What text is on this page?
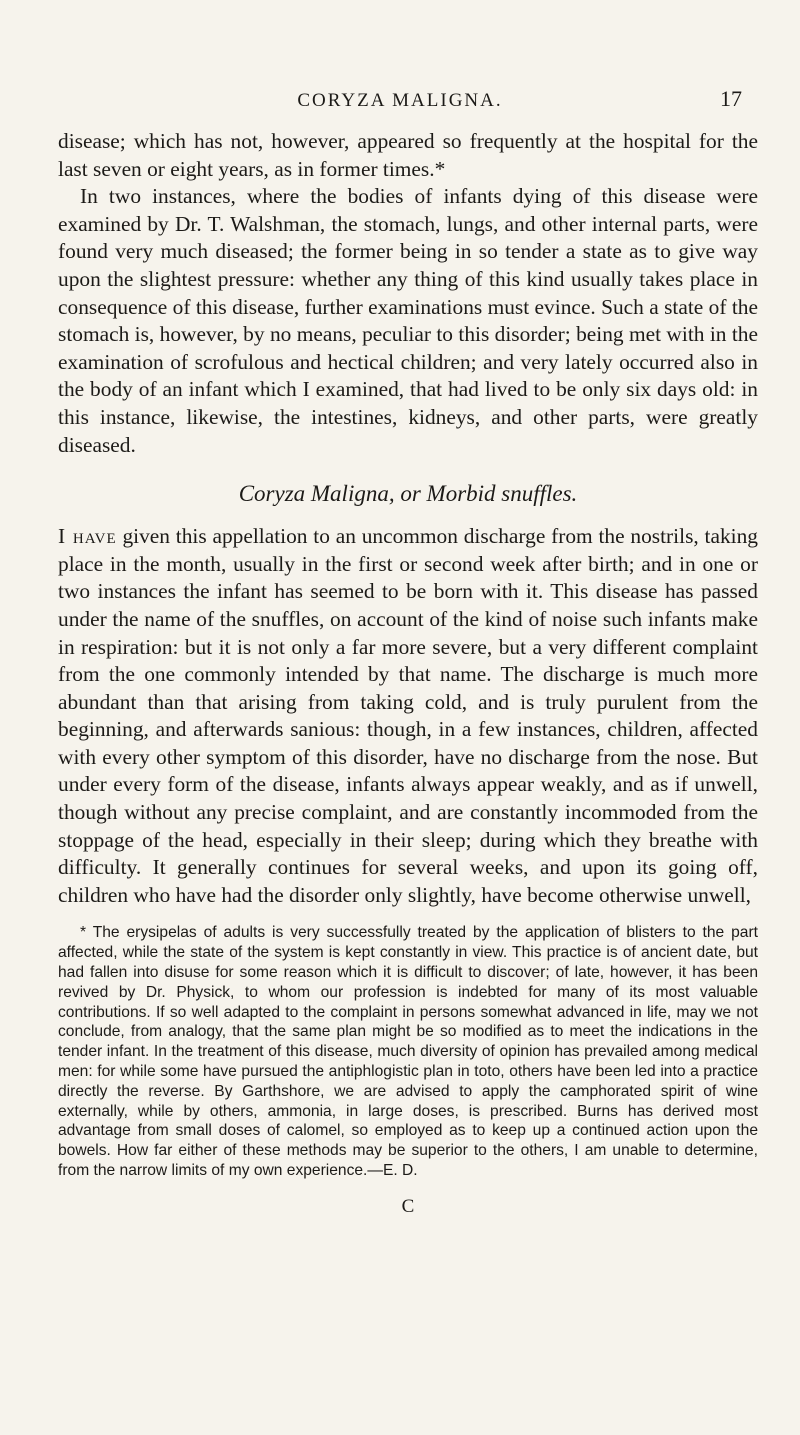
CORYZA MALIGNA.	17

disease; which has not, however, appeared so frequently at the hospital for the last seven or eight years, as in former times.*

In two instances, where the bodies of infants dying of this disease were examined by Dr. T. Walshman, the stomach, lungs, and other internal parts, were found very much diseased; the former being in so tender a state as to give way upon the slightest pressure: whether any thing of this kind usually takes place in consequence of this disease, further examinations must evince. Such a state of the stomach is, however, by no means, peculiar to this disorder; being met with in the examination of scrofulous and hectical children; and very lately occurred also in the body of an infant which I examined, that had lived to be only six days old: in this instance, likewise, the intestines, kidneys, and other parts, were greatly diseased.

Coryza Maligna, or Morbid snuffles.

I have given this appellation to an uncommon discharge from the nostrils, taking place in the month, usually in the first or second week after birth; and in one or two instances the infant has seemed to be born with it. This disease has passed under the name of the snuffles, on account of the kind of noise such infants make in respiration: but it is not only a far more severe, but a very different complaint from the one commonly intended by that name. The discharge is much more abundant than that arising from taking cold, and is truly purulent from the beginning, and afterwards sanious: though, in a few instances, children, affected with every other symptom of this disorder, have no discharge from the nose. But under every form of the disease, infants always appear weakly, and as if unwell, though without any precise complaint, and are constantly incommoded from the stoppage of the head, especially in their sleep; during which they breathe with difficulty. It generally continues for several weeks, and upon its going off, children who have had the disorder only slightly, have become otherwise unwell,

* The erysipelas of adults is very successfully treated by the application of blisters to the part affected, while the state of the system is kept constantly in view. This practice is of ancient date, but had fallen into disuse for some reason which it is difficult to discover; of late, however, it has been revived by Dr. Physick, to whom our profession is indebted for many of its most valuable contributions. If so well adapted to the complaint in persons somewhat advanced in life, may we not conclude, from analogy, that the same plan might be so modified as to meet the indications in the tender infant. In the treatment of this disease, much diversity of opinion has prevailed among medical men: for while some have pursued the antiphlogistic plan in toto, others have been led into a practice directly the reverse. By Garthshore, we are advised to apply the camphorated spirit of wine externally, while by others, ammonia, in large doses, is prescribed. Burns has derived most advantage from small doses of calomel, so employed as to keep up a continued action upon the bowels. How far either of these methods may be superior to the others, I am unable to determine, from the narrow limits of my own experience.—E. D.

C
